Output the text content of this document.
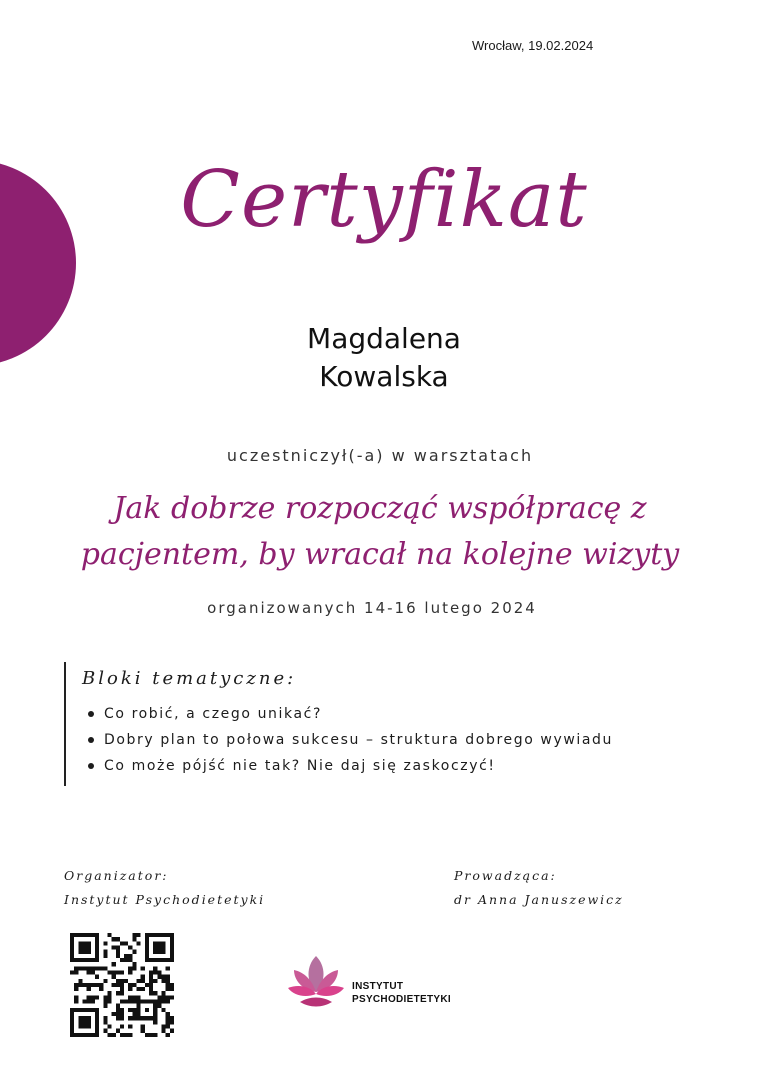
Wrocław, 19.02.2024
Certyfikat
Magdalena
Kowalska
uczestniczył(-a) w warsztatach
Jak dobrze rozpocząć współpracę z
pacjentem, by wracał na kolejne wizyty
organizowanych 14-16 lutego 2024
Bloki tematyczne:
Co robić, a czego unikać?
Dobry plan to połowa sukcesu – struktura dobrego wywiadu
Co może pójść nie tak? Nie daj się zaskoczyć!
Organizator:
Instytut Psychodietetyki
Prowadząca:
dr Anna Januszewicz
INSTYTUT
PSYCHODIETETYKI
